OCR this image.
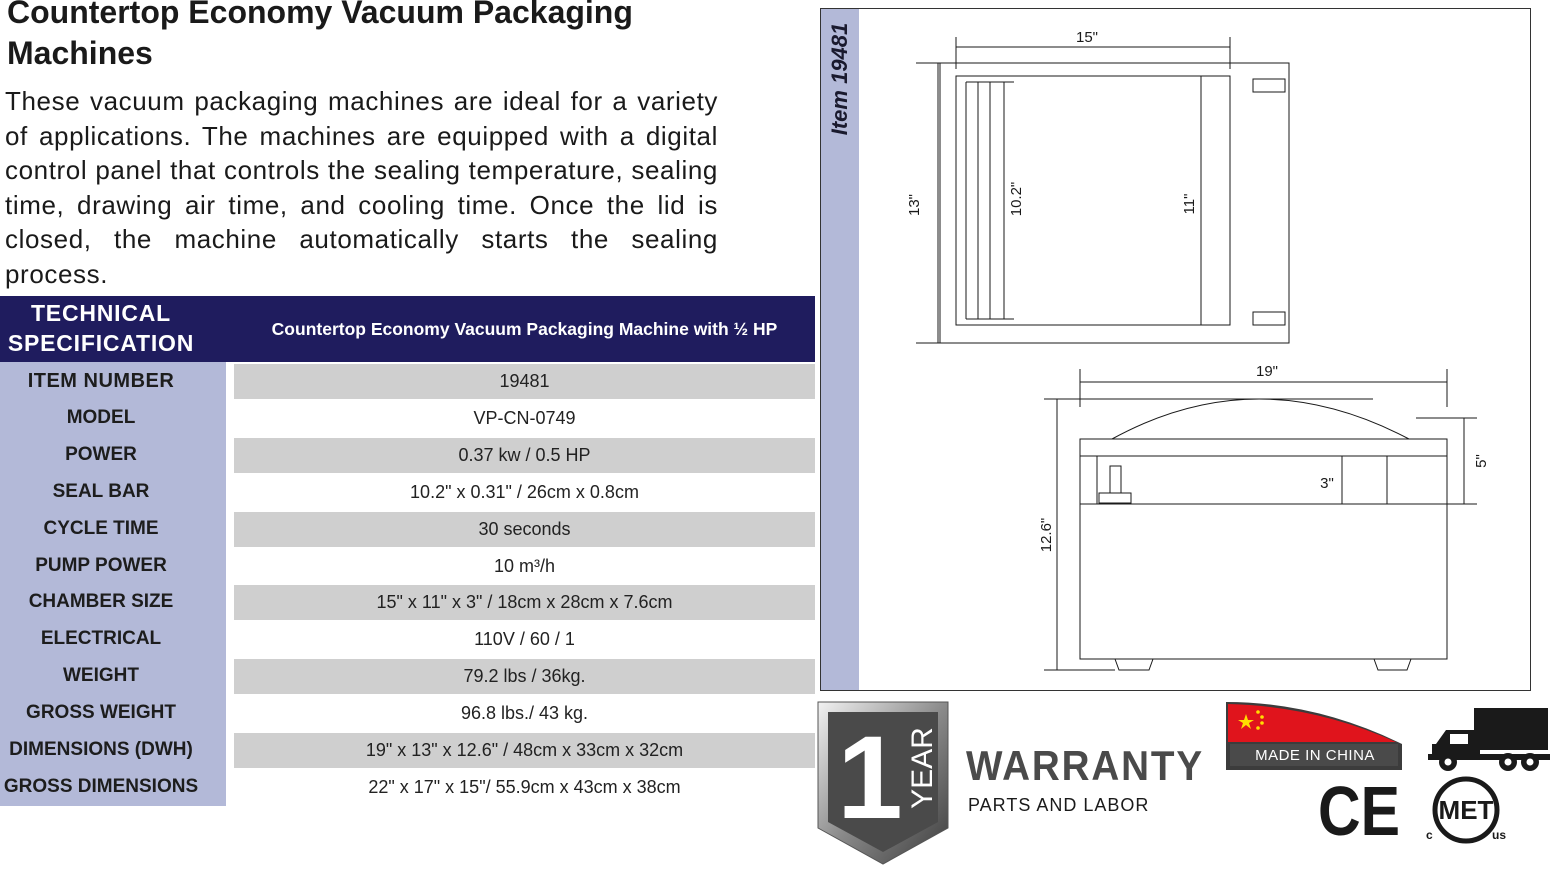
Countertop Economy Vacuum Packaging Machines

These vacuum packaging machines are ideal for a variety of applications. The machines are equipped with a digital control panel that controls the sealing temperature, sealing time, drawing air time, and cooling time. Once the lid is closed, the machine automatically starts the sealing process.

TECHNICAL
SPECIFICATION
Countertop Economy Vacuum Packaging Machine with ½ HP
ITEM NUMBER	19481
MODEL	VP-CN-0749
POWER	0.37 kw / 0.5 HP
SEAL BAR	10.2" x 0.31" / 26cm x 0.8cm
CYCLE TIME	30 seconds
PUMP POWER	10 m³/h
CHAMBER SIZE	15" x 11" x 3" / 18cm x 28cm x 7.6cm
ELECTRICAL	110V / 60 / 1
WEIGHT	79.2 lbs / 36kg.
GROSS WEIGHT	96.8 lbs./ 43 kg.
DIMENSIONS (DWH)	19" x 13" x 12.6" / 48cm x 33cm x 32cm
GROSS DIMENSIONS	22" x 17" x 15"/ 55.9cm x 43cm x 38cm
Item 19481	15"
13"	10.2"	11"
19"
12.6"
5"
3"
1 YEAR WARRANTY
PARTS AND LABOR
MADE IN CHINA
CE MET
c	us
